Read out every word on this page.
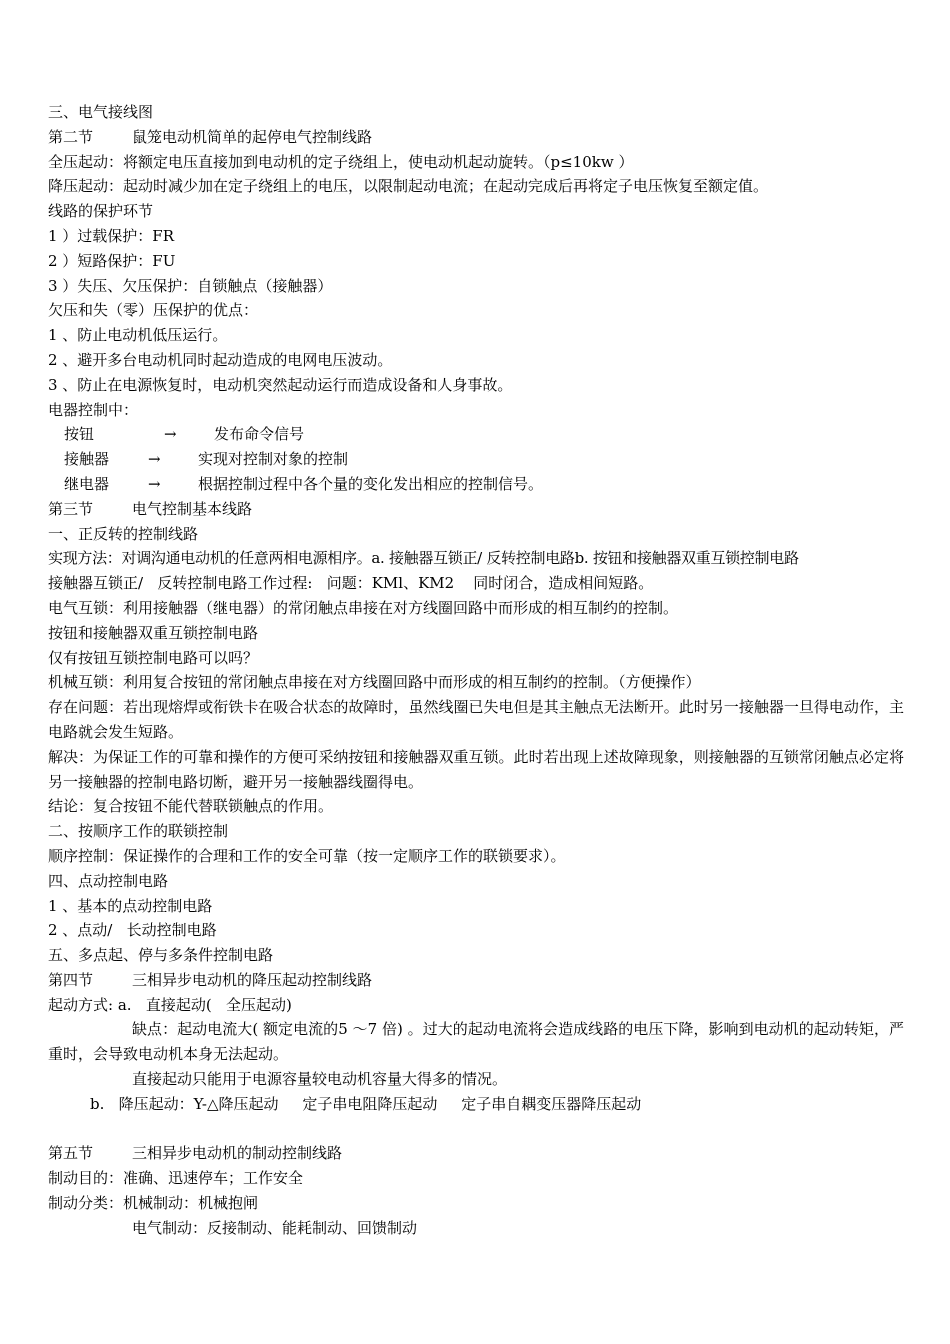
三、电气接线图
第二节	鼠笼电动机简单的起停电气控制线路
全压起动：将额定电压直接加到电动机的定子绕组上，使电动机起动旋转。（p≤10kw ）
降压起动：起动时减少加在定子绕组上的电压，以限制起动电流；在起动完成后再将定子电压恢复至额定值。
线路的保护环节
1 ）过载保护：FR
2 ）短路保护：FU
3 ）失压、欠压保护：自锁触点（接触器）
欠压和失（零）压保护的优点：
1 、防止电动机低压运行。
2 、避开多台电动机同时起动造成的电网电压波动。
3 、防止在电源恢复时，电动机突然起动运行而造成设备和人身事故。
电器控制中：
按钮	→	发布命令信号
接触器	→	实现对控制对象的控制
继电器	→	根据控制过程中各个量的变化发出相应的控制信号。
第三节	电气控制基本线路
一、正反转的控制线路
实现方法：对调沟通电动机的任意两相电源相序。a. 接触器互锁正/ 反转控制电路b. 按钮和接触器双重互锁控制电路
接触器互锁正/   反转控制电路工作过程:   问题：KMl、KM2    同时闭合，造成相间短路。
电气互锁：利用接触器（继电器）的常闭触点串接在对方线圈回路中而形成的相互制约的控制。
按钮和接触器双重互锁控制电路
仅有按钮互锁控制电路可以吗？
机械互锁：利用复合按钮的常闭触点串接在对方线圈回路中而形成的相互制约的控制。（方便操作）
存在问题：若出现熔焊或衔铁卡在吸合状态的故障时，虽然线圈已失电但是其主触点无法断开。此时另一接触器一旦得电动作，主电路就会发生短路。
解决：为保证工作的可靠和操作的方便可采纳按钮和接触器双重互锁。此时若出现上述故障现象，则接触器的互锁常闭触点必定将另一接触器的控制电路切断，避开另一接触器线圈得电。
结论：复合按钮不能代替联锁触点的作用。
二、按顺序工作的联锁控制
顺序控制：保证操作的合理和工作的安全可靠（按一定顺序工作的联锁要求）。
四、点动控制电路
1 、基本的点动控制电路
2 、点动/   长动控制电路
五、多点起、停与多条件控制电路
第四节	三相异步电动机的降压起动控制线路
起动方式: a.   直接起动(   全压起动)
缺点：起动电流大( 额定电流的5 ～7 倍) 。过大的起动电流将会造成线路的电压下降，影响到电动机的起动转矩，严重时，会导致电动机本身无法起动。
直接起动只能用于电源容量较电动机容量大得多的情况。
b.   降压起动：Y-△降压起动     定子串电阻降压起动     定子串自耦变压器降压起动
第五节	三相异步电动机的制动控制线路
制动目的：准确、迅速停车；工作安全
制动分类：机械制动：机械抱闸
电气制动：反接制动、能耗制动、回馈制动
